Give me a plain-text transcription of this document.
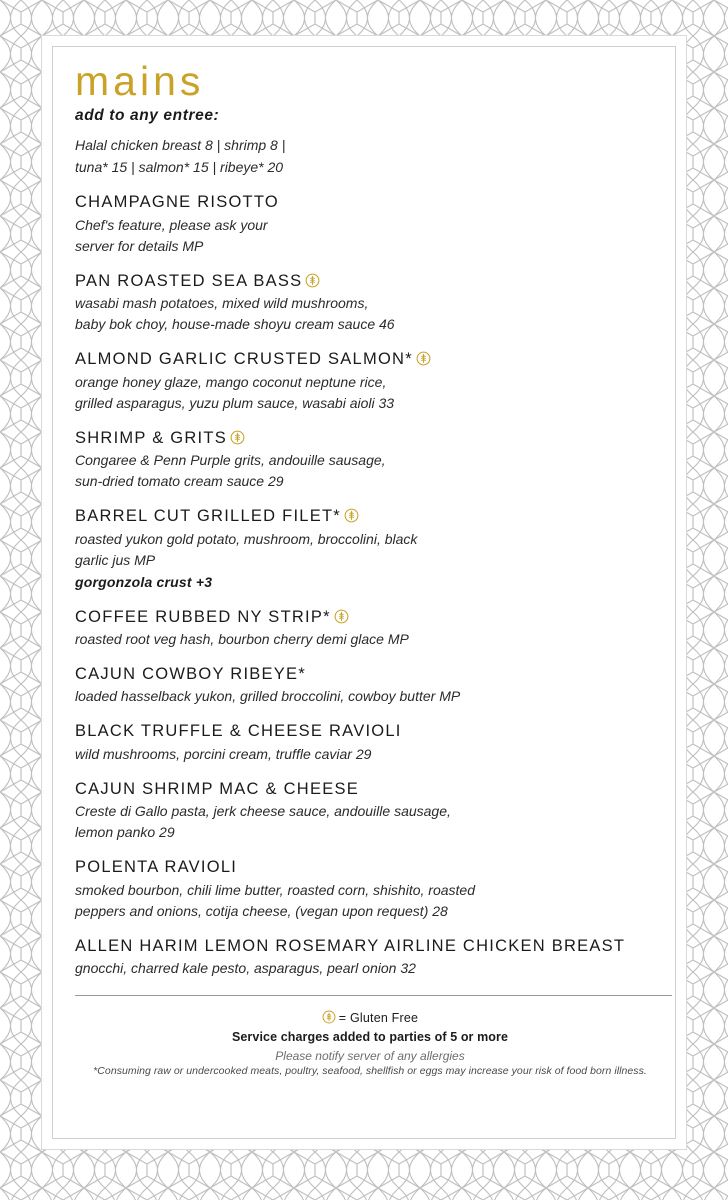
mains
add to any entree:
Halal chicken breast 8 | shrimp 8 |
tuna* 15 | salmon* 15 | ribeye* 20
CHAMPAGNE RISOTTO
Chef's feature, please ask your
server for details MP
PAN ROASTED SEA BASS
wasabi mash potatoes, mixed wild mushrooms,
baby bok choy, house-made shoyu cream sauce 46
ALMOND GARLIC CRUSTED SALMON*
orange honey glaze, mango coconut neptune rice,
grilled asparagus, yuzu plum sauce, wasabi aioli 33
SHRIMP & GRITS
Congaree & Penn Purple grits, andouille sausage,
sun-dried tomato cream sauce 29
BARREL CUT GRILLED FILET*
roasted yukon gold potato, mushroom, broccolini, black
garlic jus MP
gorgonzola crust +3
COFFEE RUBBED NY STRIP*
roasted root veg hash, bourbon cherry demi glace MP
CAJUN COWBOY RIBEYE*
loaded hasselback yukon, grilled broccolini, cowboy butter MP
BLACK TRUFFLE & CHEESE RAVIOLI
wild mushrooms, porcini cream, truffle caviar 29
CAJUN SHRIMP MAC & CHEESE
Creste di Gallo pasta, jerk cheese sauce, andouille sausage,
lemon panko 29
POLENTA RAVIOLI
smoked bourbon, chili lime butter, roasted corn, shishito, roasted
peppers and onions, cotija cheese, (vegan upon request) 28
ALLEN HARIM LEMON ROSEMARY AIRLINE CHICKEN BREAST
gnocchi, charred kale pesto, asparagus, pearl onion 32
= Gluten Free
Service charges added to parties of 5 or more
Please notify server of any allergies
*Consuming raw or undercooked meats, poultry, seafood, shellfish or eggs may increase your risk of food born illness.
